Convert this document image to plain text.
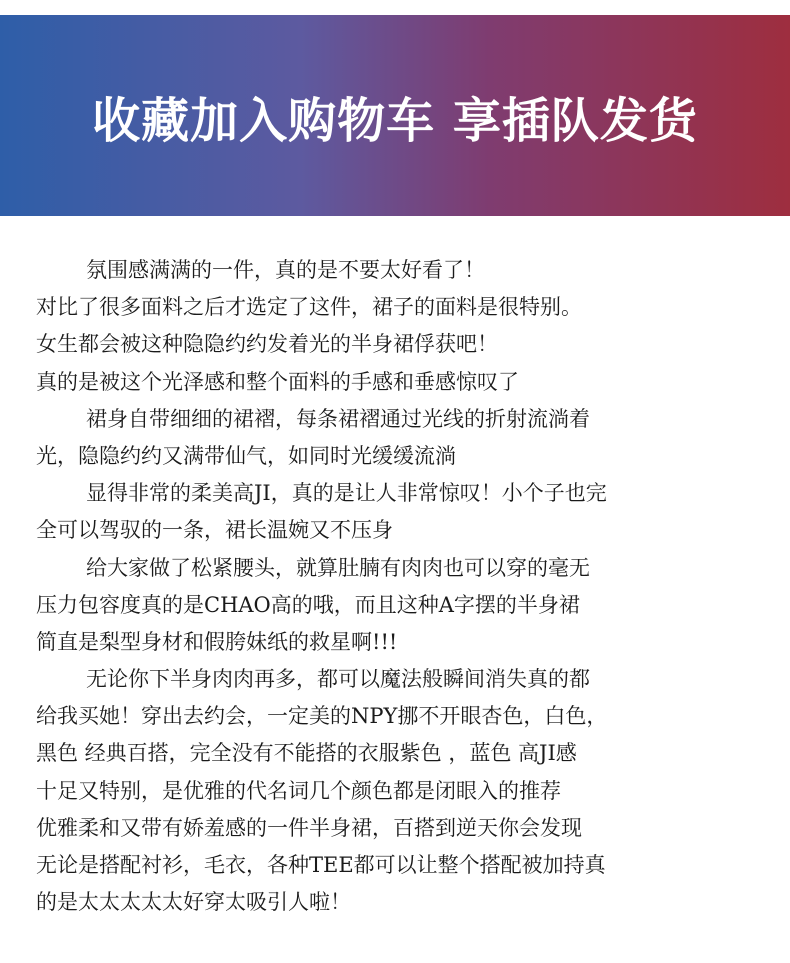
收藏加入购物车 享插队发货
氛围感满满的一件，真的是不要太好看了！
对比了很多面料之后才选定了这件，裙子的面料是很特别。
女生都会被这种隐隐约约发着光的半身裙俘获吧！
真的是被这个光泽感和整个面料的手感和垂感惊叹了
裙身自带细细的裙褶，每条裙褶通过光线的折射流淌着
光，隐隐约约又满带仙气，如同时光缓缓流淌
显得非常的柔美高JI，真的是让人非常惊叹！小个子也完
全可以驾驭的一条，裙长温婉又不压身
给大家做了松紧腰头，就算肚腩有肉肉也可以穿的毫无
压力包容度真的是CHAO高的哦，而且这种A字摆的半身裙
简直是梨型身材和假胯妹纸的救星啊!!!
无论你下半身肉肉再多，都可以魔法般瞬间消失真的都
给我买她！穿出去约会，一定美的NPY挪不开眼杏色，白色，
黑色 经典百搭，完全没有不能搭的衣服紫色 ，蓝色 高JI感
十足又特别，是优雅的代名词几个颜色都是闭眼入的推荐
优雅柔和又带有娇羞感的一件半身裙，百搭到逆天你会发现
无论是搭配衬衫，毛衣，各种TEE都可以让整个搭配被加持真
的是太太太太太好穿太吸引人啦！
